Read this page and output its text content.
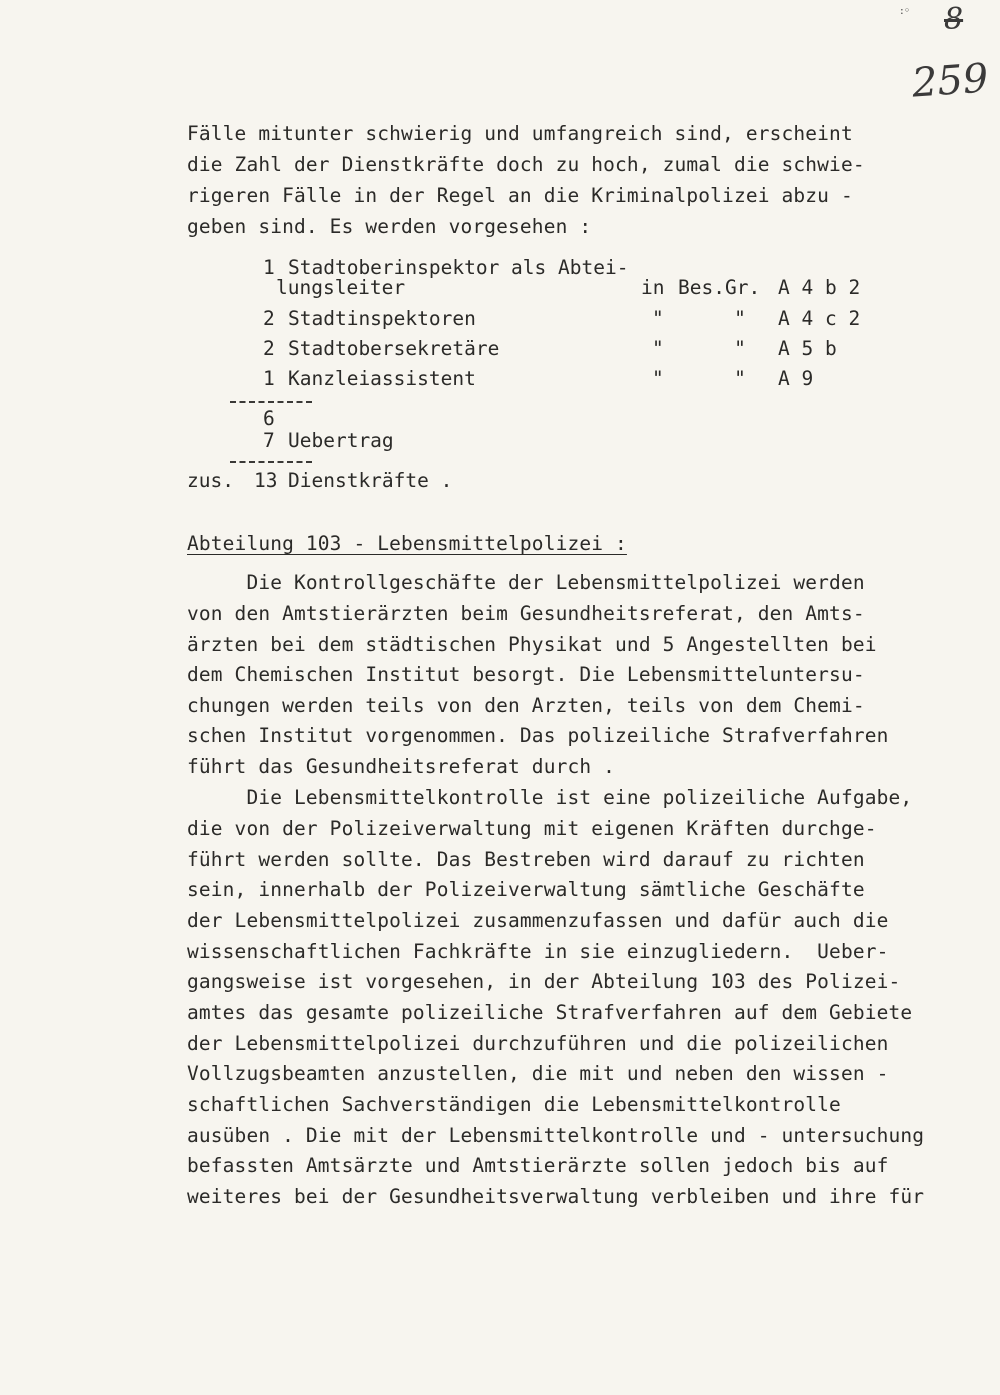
:◦ 8
259
Fälle mitunter schwierig und umfangreich sind, erscheint
die Zahl der Dienstkräfte doch zu hoch, zumal die schwie-
rigeren Fälle in der Regel an die Kriminalpolizei abzu -
geben sind. Es werden vorgesehen :
1 Stadtoberinspektor als Abtei-
lungsleiter	in Bes.Gr. A 4 b 2
2 Stadtinspektoren	"      " A 4 c 2
2 Stadtobersekretäre	"      " A 5 b
1 Kanzleiassistent	"      " A 9
6
7 Uebertrag
zus. 13 Dienstkräfte .
Abteilung 103 - Lebensmittelpolizei :
Die Kontrollgeschäfte der Lebensmittelpolizei werden
von den Amtstierärzten beim Gesundheitsreferat, den Amts-
ärzten bei dem städtischen Physikat und 5 Angestellten bei
dem Chemischen Institut besorgt. Die Lebensmitteluntersu-
chungen werden teils von den Arzten, teils von dem Chemi-
schen Institut vorgenommen. Das polizeiliche Strafverfahren
führt das Gesundheitsreferat durch .
Die Lebensmittelkontrolle ist eine polizeiliche Aufgabe,
die von der Polizeiverwaltung mit eigenen Kräften durchge-
führt werden sollte. Das Bestreben wird darauf zu richten
sein, innerhalb der Polizeiverwaltung sämtliche Geschäfte
der Lebensmittelpolizei zusammenzufassen und dafür auch die
wissenschaftlichen Fachkräfte in sie einzugliedern.  Ueber-
gangsweise ist vorgesehen, in der Abteilung 103 des Polizei-
amtes das gesamte polizeiliche Strafverfahren auf dem Gebiete
der Lebensmittelpolizei durchzuführen und die polizeilichen
Vollzugsbeamten anzustellen, die mit und neben den wissen -
schaftlichen Sachverständigen die Lebensmittelkontrolle
ausüben . Die mit der Lebensmittelkontrolle und - untersuchung
befassten Amtsärzte und Amtstierärzte sollen jedoch bis auf
weiteres bei der Gesundheitsverwaltung verbleiben und ihre für
